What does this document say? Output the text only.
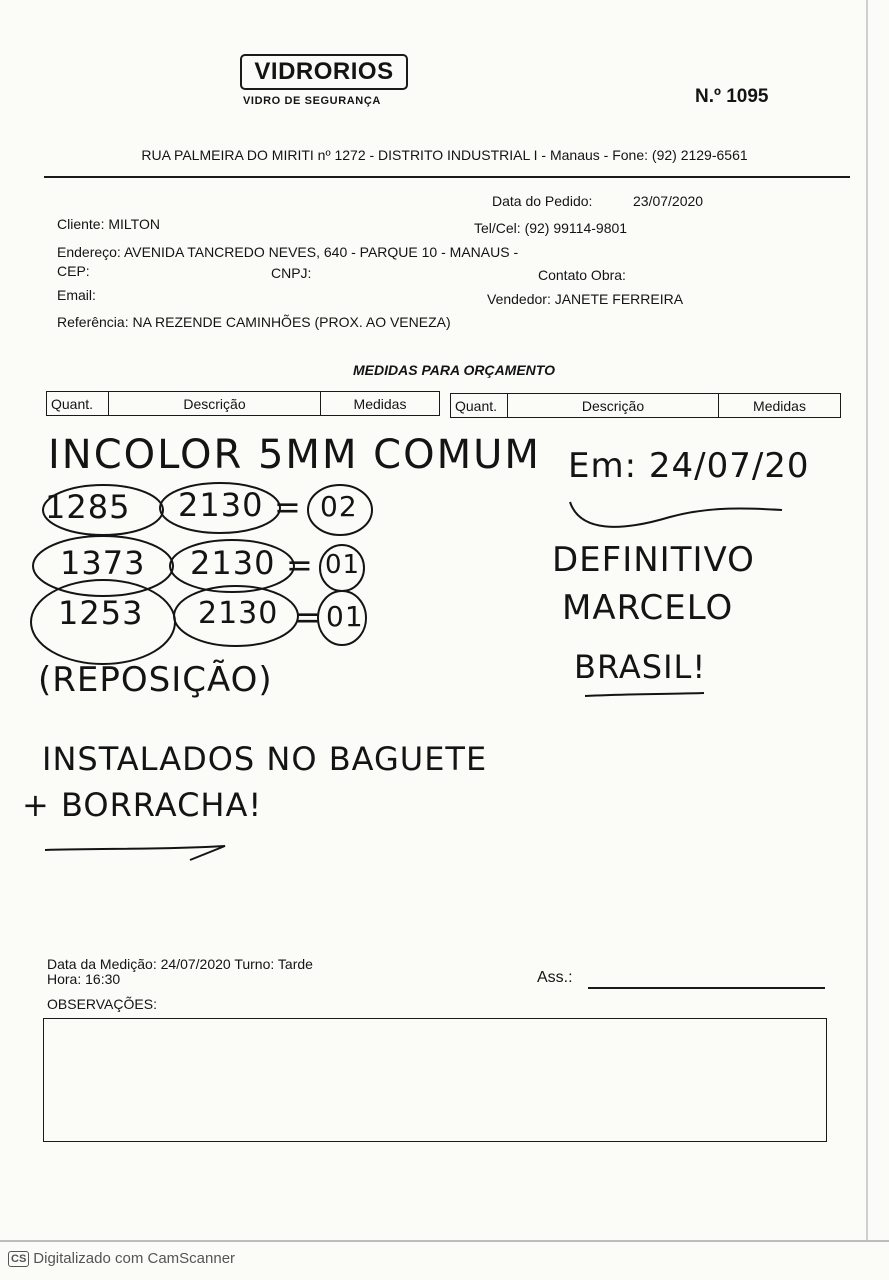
VIDRORIOS
VIDRO DE SEGURANÇA	N.º 1095
RUA PALMEIRA DO MIRITI nº 1272 - DISTRITO INDUSTRIAL I - Manaus - Fone: (92) 2129-6561
Data do Pedido:	23/07/2020
Cliente: MILTON	Tel/Cel: (92) 99114-9801
Endereço: AVENIDA TANCREDO NEVES, 640 - PARQUE 10 - MANAUS -
CEP:	CNPJ:	Contato Obra:
Email:	Vendedor: JANETE FERREIRA
Referência: NA REZENDE CAMINHÕES (PROX. AO VENEZA)
MEDIDAS PARA ORÇAMENTO
Quant.	Descrição	Medidas	Quant.	Descrição	Medidas
INCOLOR 5MM COMUM
1285 2130 = 02
1373 2130 = 01
1253 2130 = 01
(REPOSIÇÃO)
INSTALADOS NO BAGUETE
+ BORRACHA!
Em: 24/07/20
DEFINITIVO
MARCELO
BRASIL!
Data da Medição: 24/07/2020 Turno: Tarde
Hora: 16:30	Ass.:
OBSERVAÇÕES:
CS Digitalizado com CamScanner
